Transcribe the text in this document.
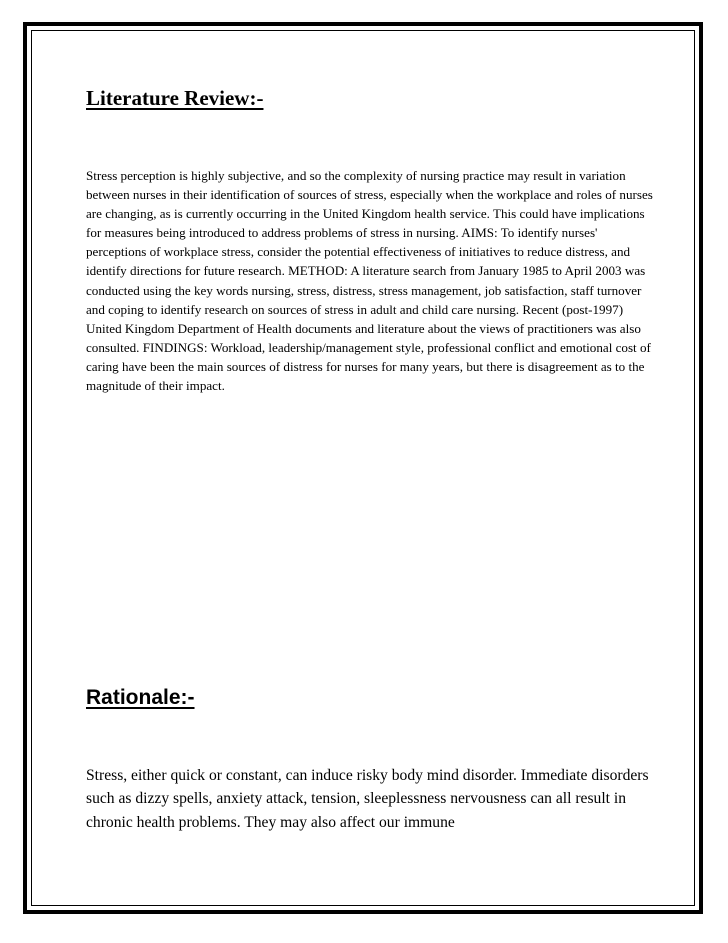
Literature Review:-

Stress perception is highly subjective, and so the complexity of nursing practice may result in variation between nurses in their identification of sources of stress, especially when the workplace and roles of nurses are changing, as is currently occurring in the United Kingdom health service. This could have implications for measures being introduced to address problems of stress in nursing. AIMS: To identify nurses' perceptions of workplace stress, consider the potential effectiveness of initiatives to reduce distress, and identify directions for future research. METHOD: A literature search from January 1985 to April 2003 was conducted using the key words nursing, stress, distress, stress management, job satisfaction, staff turnover and coping to identify research on sources of stress in adult and child care nursing. Recent (post-1997) United Kingdom Department of Health documents and literature about the views of practitioners was also consulted. FINDINGS: Workload, leadership/management style, professional conflict and emotional cost of caring have been the main sources of distress for nurses for many years, but there is disagreement as to the magnitude of their impact.

Rationale:-

Stress, either quick or constant, can induce risky body mind disorder. Immediate disorders such as dizzy spells, anxiety attack, tension, sleeplessness nervousness can all result in chronic health problems. They may also affect our immune
